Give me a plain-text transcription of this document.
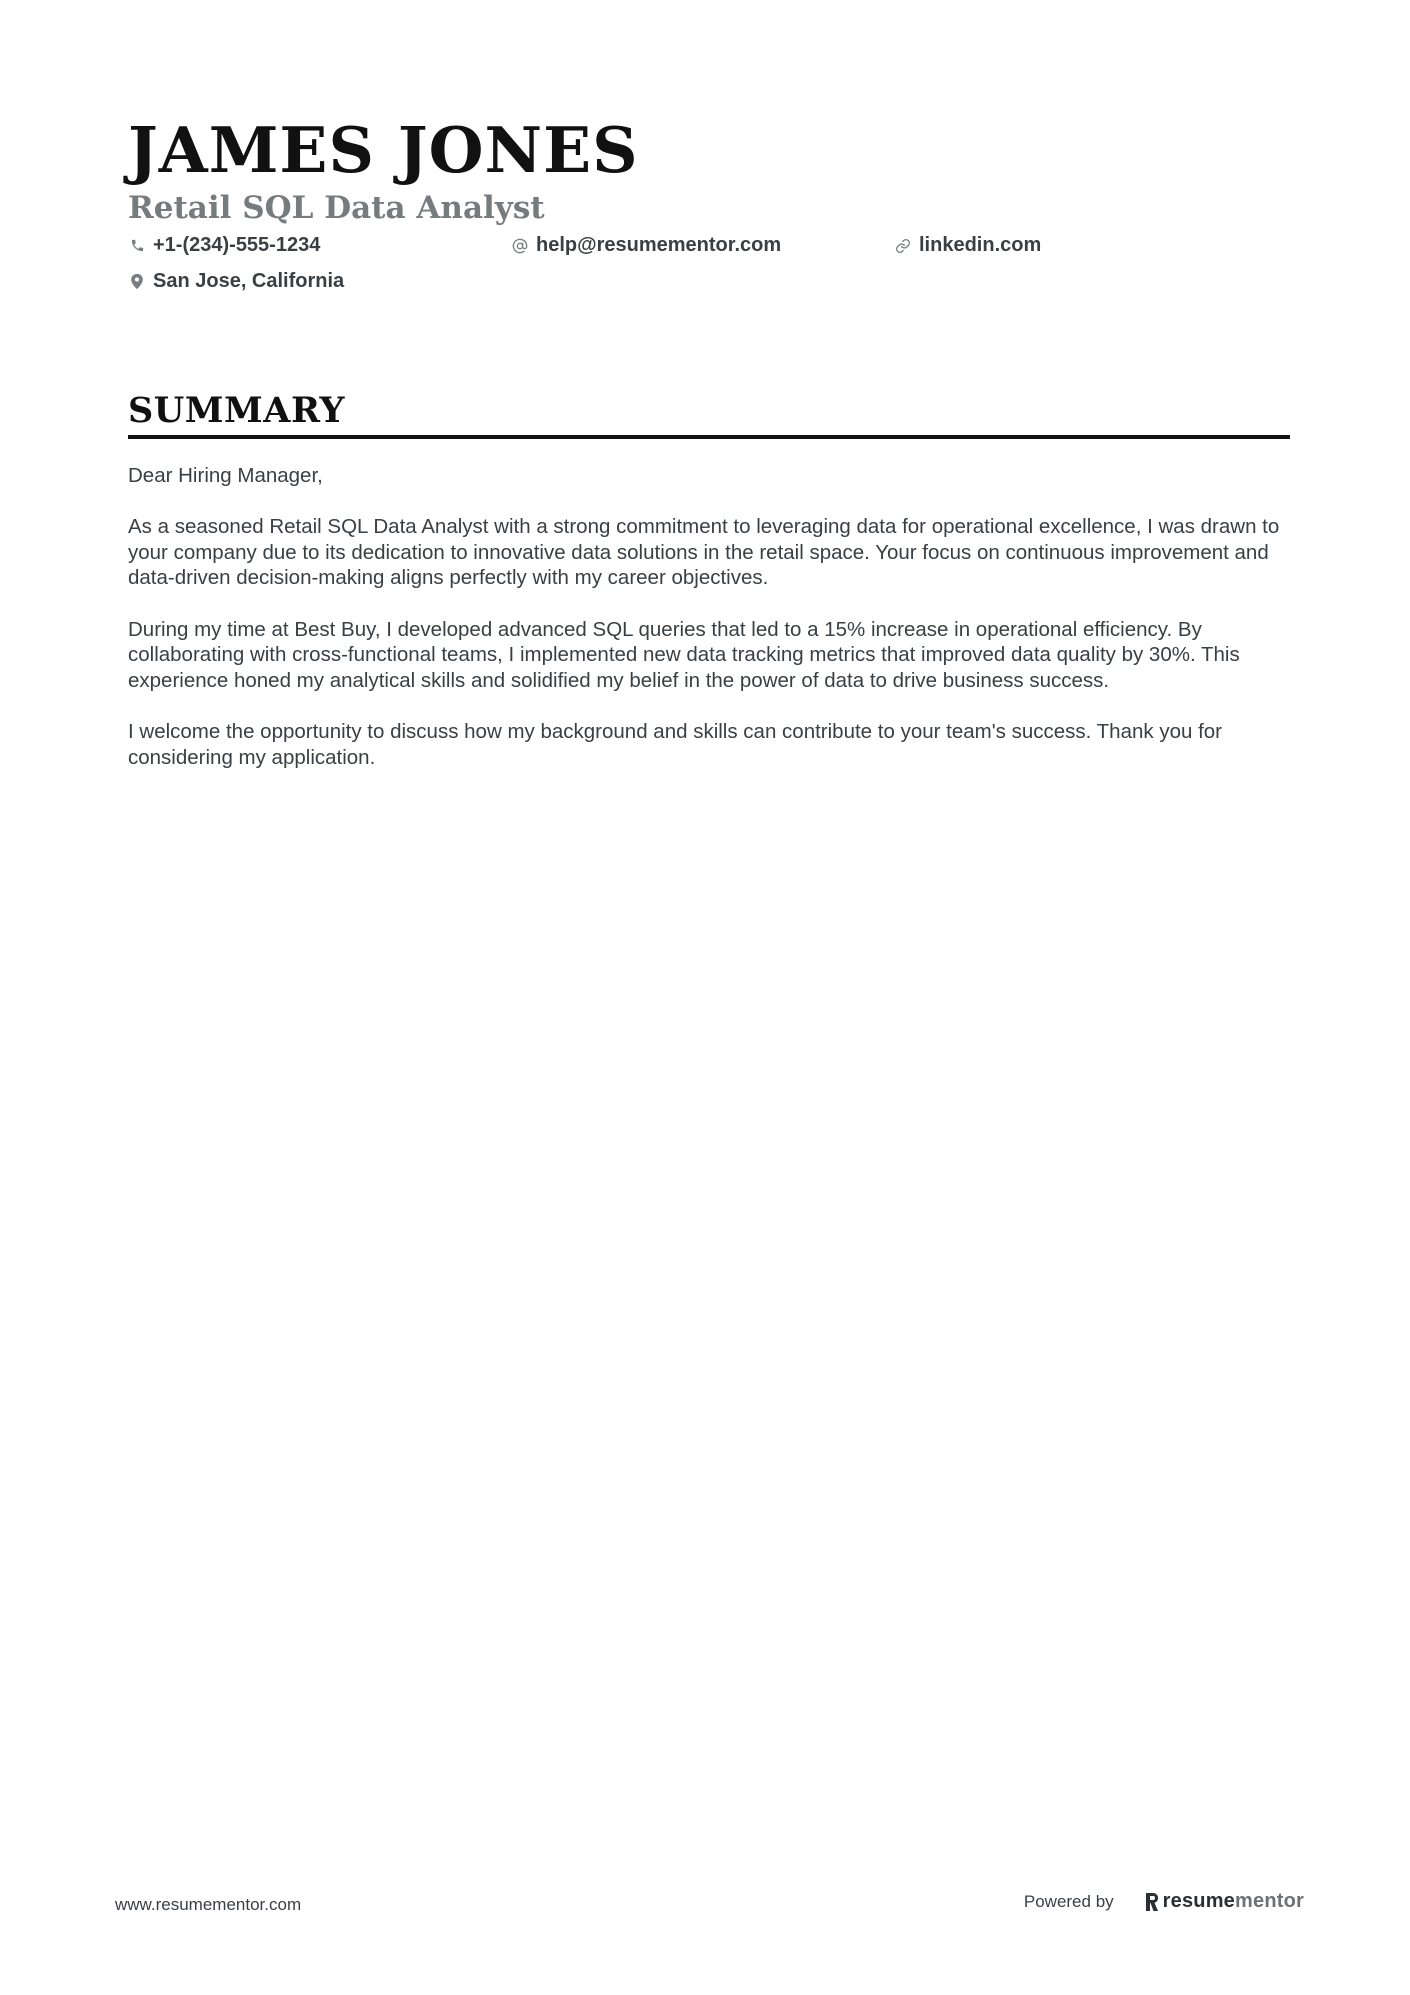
JAMES JONES
Retail SQL Data Analyst
+1-(234)-555-1234	help@resumementor.com	linkedin.com
San Jose, California
SUMMARY

Dear Hiring Manager,

As a seasoned Retail SQL Data Analyst with a strong commitment to leveraging data for operational excellence, I was drawn to your company due to its dedication to innovative data solutions in the retail space. Your focus on continuous improvement and data-driven decision-making aligns perfectly with my career objectives.

During my time at Best Buy, I developed advanced SQL queries that led to a 15% increase in operational efficiency. By collaborating with cross-functional teams, I implemented new data tracking metrics that improved data quality by 30%. This experience honed my analytical skills and solidified my belief in the power of data to drive business success.

I welcome the opportunity to discuss how my background and skills can contribute to your team's success. Thank you for considering my application.

www.resumementor.com	Powered by resume mentor
